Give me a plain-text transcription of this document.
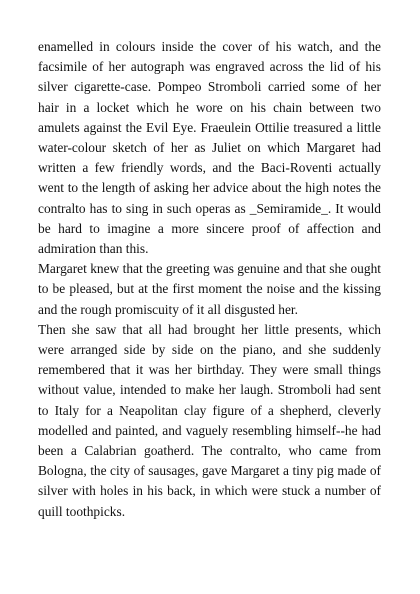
enamelled in colours inside the cover of his watch, and the facsimile of her autograph was engraved across the lid of his silver cigarette-case. Pompeo Stromboli carried some of her hair in a locket which he wore on his chain between two amulets against the Evil Eye. Fraeulein Ottilie treasured a little water-colour sketch of her as Juliet on which Margaret had written a few friendly words, and the Baci-Roventi actually went to the length of asking her advice about the high notes the contralto has to sing in such operas as _Semiramide_. It would be hard to imagine a more sincere proof of affection and admiration than this.

Margaret knew that the greeting was genuine and that she ought to be pleased, but at the first moment the noise and the kissing and the rough promiscuity of it all disgusted her.

Then she saw that all had brought her little presents, which were arranged side by side on the piano, and she suddenly remembered that it was her birthday. They were small things without value, intended to make her laugh. Stromboli had sent to Italy for a Neapolitan clay figure of a shepherd, cleverly modelled and painted, and vaguely resembling himself--he had been a Calabrian goatherd. The contralto, who came from Bologna, the city of sausages, gave Margaret a tiny pig made of silver with holes in his back, in which were stuck a number of quill toothpicks.
